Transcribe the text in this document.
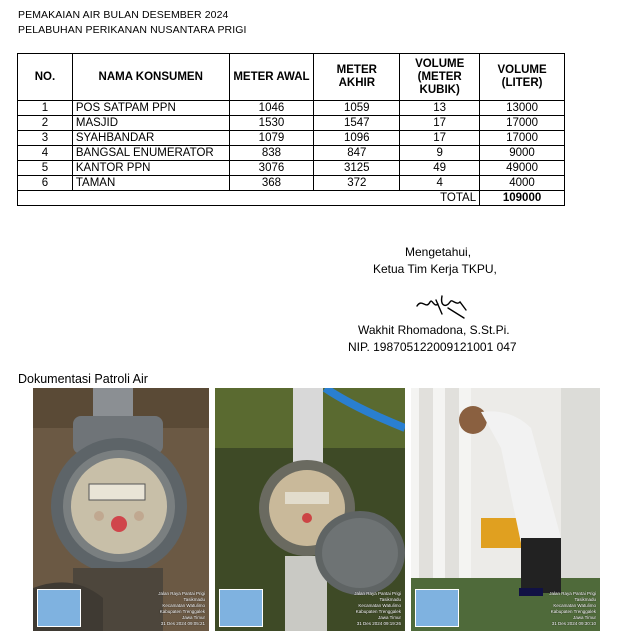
PEMAKAIAN AIR BULAN DESEMBER 2024
PELABUHAN PERIKANAN NUSANTARA PRIGI
NO.	NAMA KONSUMEN	METER AWAL	METER AKHIR	VOLUME (METER KUBIK)	VOLUME (LITER)
1	POS SATPAM PPN	1046	1059	13	13000
2	MASJID	1530	1547	17	17000
3	SYAHBANDAR	1079	1096	17	17000
4	BANGSAL ENUMERATOR	838	847	9	9000
5	KANTOR PPN	3076	3125	49	49000
6	TAMAN	368	372	4	4000
				TOTAL	109000
Mengetahui,
Ketua Tim Kerja TKPU,
Wakhit Rhomadona, S.St.Pi.
NIP. 198705122009121001 047
Dokumentasi Patroli Air
Jalan Raya Pantai Prigi
Tasikmadu
Kecamatan Watulimo
Kabupaten Trenggalek
Jawa Timur
31 Des 2024 09:05:21
Jalan Raya Pantai Prigi
Tasikmadu
Kecamatan Watulimo
Kabupaten Trenggalek
Jawa Timur
31 Des 2024 09:19:26
Jalan Raya Pantai Prigi
Tasikmadu
Kecamatan Watulimo
Kabupaten Trenggalek
Jawa Timur
31 Des 2024 09:30:10
